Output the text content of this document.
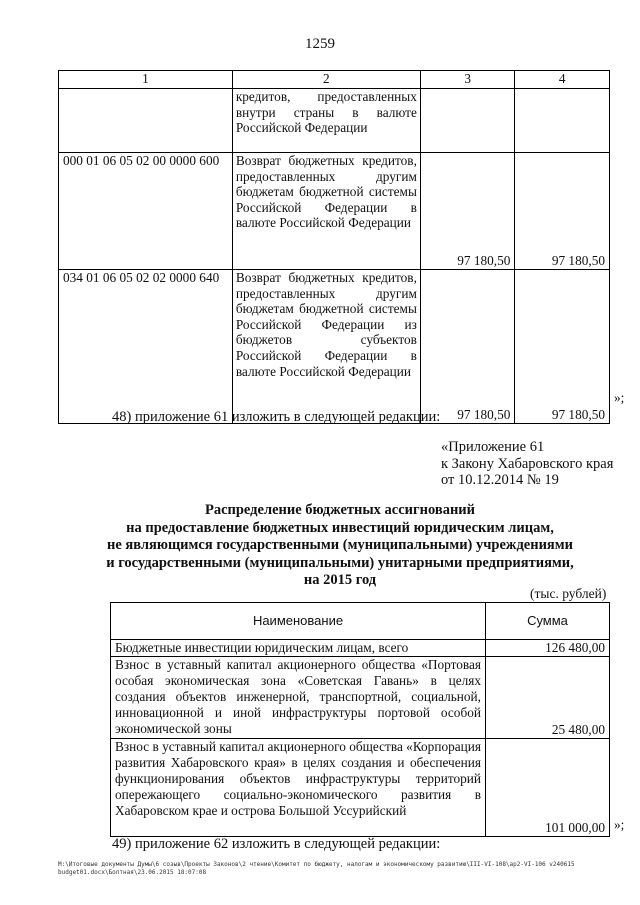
1259
1	2	3	4

	кредитов, предоставленных внутри страны в валюте Российской Федерации		

000 01 06 05 02 00 0000 600	Возврат бюджетных кредитов, предоставленных другим бюджетам бюджетной системы Российской Федерации в валюте Российской Федерации	97 180,50	97 180,50
034 01 06 05 02 02 0000 640	Возврат бюджетных кредитов, предоставленных другим бюджетам бюджетной системы Российской Федерации из бюджетов субъектов Российской Федерации в валюте Российской Федерации	97 180,50	97 180,50
»;
48) приложение 61 изложить в следующей редакции:
«Приложение 61
к Закону Хабаровского края
от 10.12.2014 № 19
Распределение бюджетных ассигнований
на предоставление бюджетных инвестиций юридическим лицам,
не являющимся государственными (муниципальными) учреждениями
и государственными (муниципальными) унитарными предприятиями,
на 2015 год
(тыс. рублей)
Наименование	Сумма
Бюджетные инвестиции юридическим лицам, всего	126 480,00
Взнос в уставный капитал акционерного общества «Портовая особая экономическая зона «Советская Гавань» в целях создания объектов инженерной, транспортной, социальной, инновационной и иной инфраструктуры портовой особой экономической зоны	25 480,00
Взнос в уставный капитал акционерного общества «Корпорация развития Хабаровского края» в целях создания и обеспечения функционирования объектов инфраструктуры территорий опережающего социально-экономического развития в Хабаровском крае и острова Большой Уссурийский	101 000,00 »;
49) приложение 62 изложить в следующей редакции:
M:\Итоговые документы Думы\6 созыв\Проекты Законов\2 чтение\Комитет по бюджету, налогам и экономическому развитию\III-VI-108\ap2-VI-106 v240615 budget01.docx\Болтная\23.06.2015 18:07:08
